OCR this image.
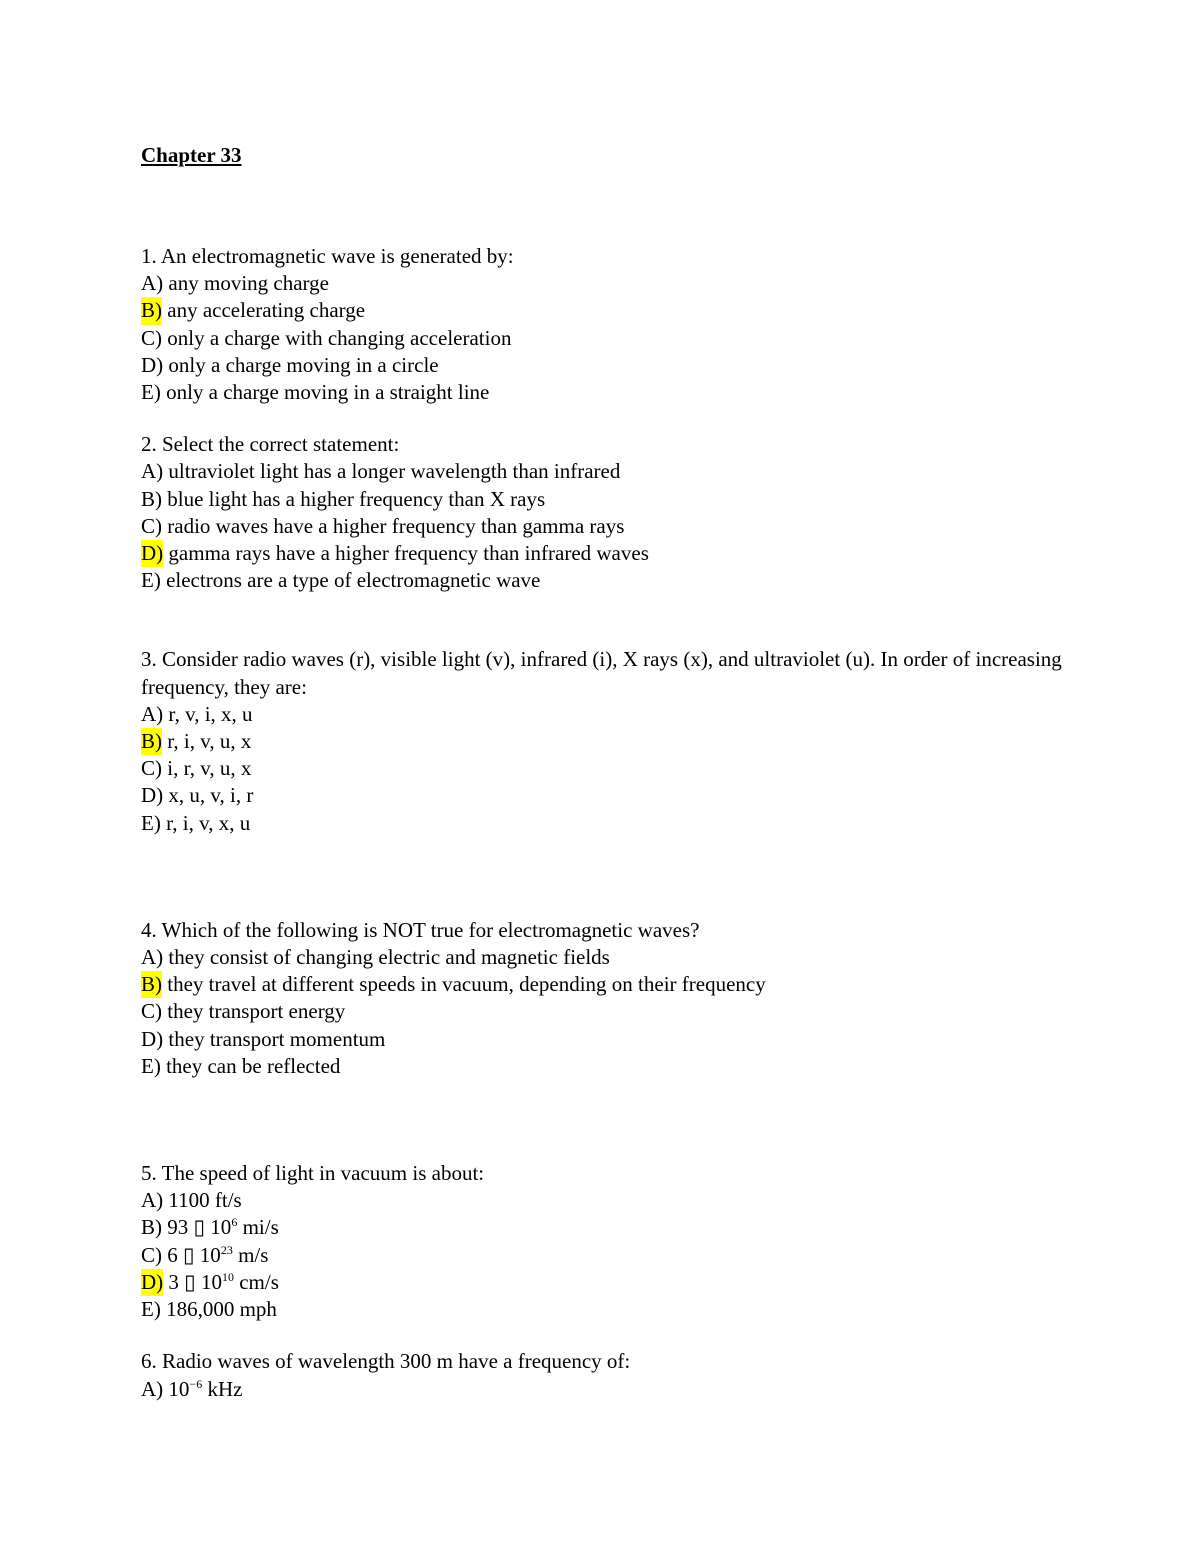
Chapter 33
1. An electromagnetic wave is generated by:
A) any moving charge
B) any accelerating charge
C) only a charge with changing acceleration
D) only a charge moving in a circle
E) only a charge moving in a straight line
2. Select the correct statement:
A) ultraviolet light has a longer wavelength than infrared
B) blue light has a higher frequency than X rays
C) radio waves have a higher frequency than gamma rays
D) gamma rays have a higher frequency than infrared waves
E) electrons are a type of electromagnetic wave
3. Consider radio waves (r), visible light (v), infrared (i), X rays (x), and ultraviolet (u). In order of increasing frequency, they are:
A) r, v, i, x, u
B) r, i, v, u, x
C) i, r, v, u, x
D) x, u, v, i, r
E) r, i, v, x, u
4. Which of the following is NOT true for electromagnetic waves?
A) they consist of changing electric and magnetic fields
B) they travel at different speeds in vacuum, depending on their frequency
C) they transport energy
D) they transport momentum
E) they can be reflected
5. The speed of light in vacuum is about:
A) 1100 ft/s
B) 93 ▯ $10^6$ mi/s
C) 6 ▯ $10^{23}$ m/s
D) 3 ▯ $10^{10}$ cm/s
E) 186,000 mph
6. Radio waves of wavelength 300 m have a frequency of:
A) $10^{-6}$ kHz
